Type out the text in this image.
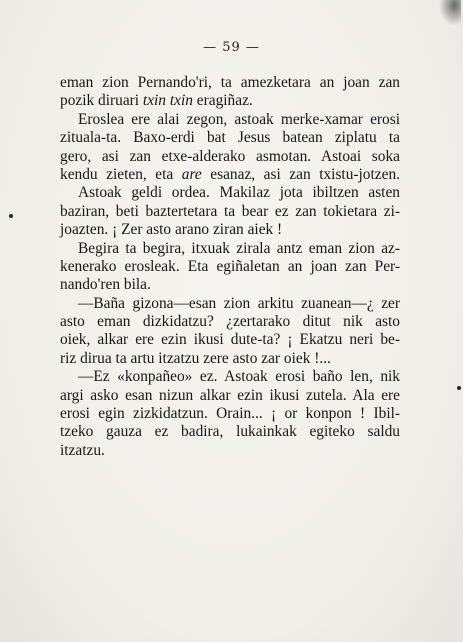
— 59 —
eman zion Pernando'ri, ta amezketara an joan zan
pozik diruari txin txin eragiñaz.
Eroslea ere alai zegon, astoak merke-xamar erosi
zituala-ta. Baxo-erdi bat Jesus batean ziplatu ta
gero, asi zan etxe-alderako asmotan. Astoai soka
kendu zieten, eta are esanaz, asi zan txistu-jotzen.
Astoak geldi ordea. Makilaz jota ibiltzen asten
baziran, beti baztertetara ta bear ez zan tokietara zi-
joazten. ¡ Zer asto arano ziran aiek !
Begira ta begira, itxuak zirala antz eman zion az-
kenerako erosleak. Eta egiñaletan an joan zan Per-
nando'ren bila.
—Baña gizona—esan zion arkitu zuanean—¿ zer
asto eman dizkidatzu? ¿zertarako ditut nik asto
oiek, alkar ere ezin ikusi dute-ta? ¡ Ekatzu neri be-
riz dirua ta artu itzatzu zere asto zar oiek !...
—Ez «konpañeo» ez. Astoak erosi baño len, nik
argi asko esan nizun alkar ezin ikusi zutela. Ala ere
erosi egin zizkidatzun. Orain... ¡ or konpon ! Ibil-
tzeko gauza ez badira, lukainkak egiteko saldu
itzatzu.
